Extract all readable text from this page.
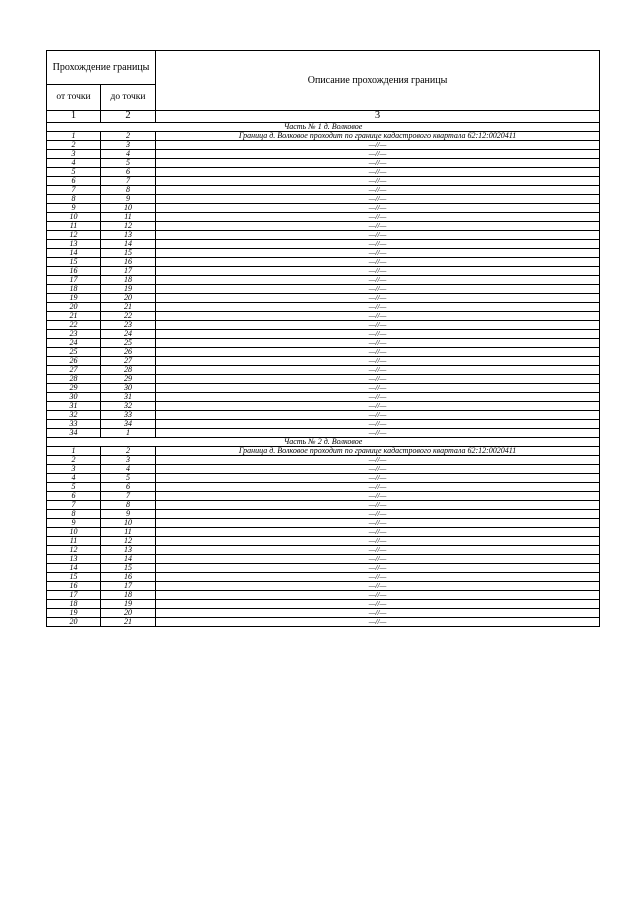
Прохождение границы		Описание прохождения границы
от точки	до точки	
1	2	3
Часть № 1 д. Волковое		
1	2	Граница д. Волковое проходит по границе кадастрового квартала 62:12:0020411
2	3	—//—
3	4	—//—
4	5	—//—
5	6	—//—
6	7	—//—
7	8	—//—
8	9	—//—
9	10	—//—
10	11	—//—
11	12	—//—
12	13	—//—
13	14	—//—
14	15	—//—
15	16	—//—
16	17	—//—
17	18	—//—
18	19	—//—
19	20	—//—
20	21	—//—
21	22	—//—
22	23	—//—
23	24	—//—
24	25	—//—
25	26	—//—
26	27	—//—
27	28	—//—
28	29	—//—
29	30	—//—
30	31	—//—
31	32	—//—
32	33	—//—
33	34	—//—
34	1	—//—
Часть № 2 д. Волковое		
1	2	Граница д. Волковое проходит по границе кадастрового квартала 62:12:0020411
2	3	—//—
3	4	—//—
4	5	—//—
5	6	—//—
6	7	—//—
7	8	—//—
8	9	—//—
9	10	—//—
10	11	—//—
11	12	—//—
12	13	—//—
13	14	—//—
14	15	—//—
15	16	—//—
16	17	—//—
17	18	—//—
18	19	—//—
19	20	—//—
20	21	—//—
